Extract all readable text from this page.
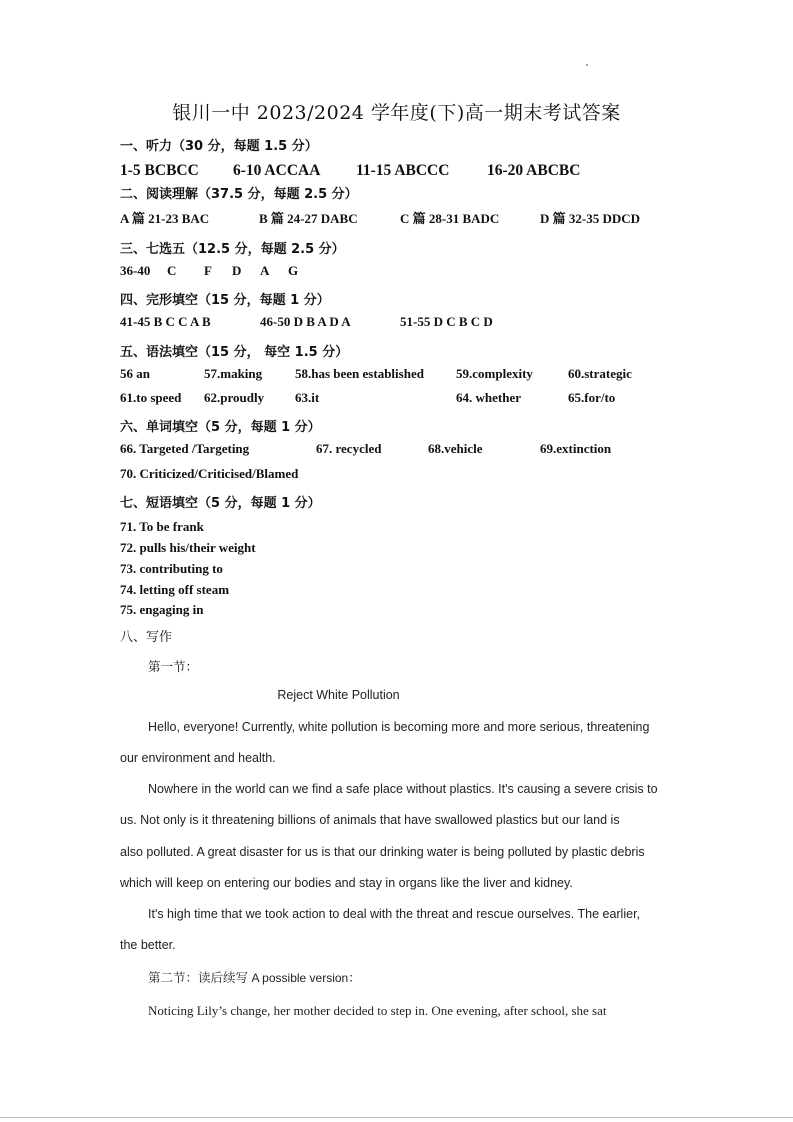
银川一中 2023/2024 学年度(下)高一期末考试答案
一、听力（30 分，每题 1.5 分）
1-5 BCBCC 6-10 ACCAA 11-15 ABCCC 16-20 ABCBC
二、阅读理解（37.5 分，每题 2.5 分）
A 篇 21-23 BAC	B 篇 24-27 DABC	C 篇 28-31 BADC	D 篇 32-35 DDCD
三、七选五（12.5 分，每题 2.5 分）
36-40 C F D A G
四、完形填空（15 分，每题 1 分）
41-45 B C C A B	46-50 D B A D A	51-55 D C B C D
五、语法填空（15 分， 每空 1.5 分）
56 an	57.making	58.has been established 59.complexity	60.strategic
61.to speed 62.proudly 63.it	64. whether	65.for/to
六、单词填空（5 分，每题 1 分）
66. Targeted /Targeting	67. recycled	68.vehicle	69.extinction
70. Criticized/Criticised/Blamed
七、短语填空（5 分，每题 1 分）
71. To be frank
72. pulls his/their weight
73. contributing to
74. letting off steam
75. engaging in
八、写作
第一节：
Reject White Pollution
Hello, everyone! Currently, white pollution is becoming more and more serious, threatening
our environment and health.
Nowhere in the world can we find a safe place without plastics. It's causing a severe crisis to
us. Not only is it threatening billions of animals that have swallowed plastics but our land is
also polluted. A great disaster for us is that our drinking water is being polluted by plastic debris
which will keep on entering our bodies and stay in organs like the liver and kidney.
It's high time that we took action to deal with the threat and rescue ourselves. The earlier,
the better.
第二节：读后续写 A possible version：
Noticing Lily’s change, her mother decided to step in. One evening, after school, she sat
